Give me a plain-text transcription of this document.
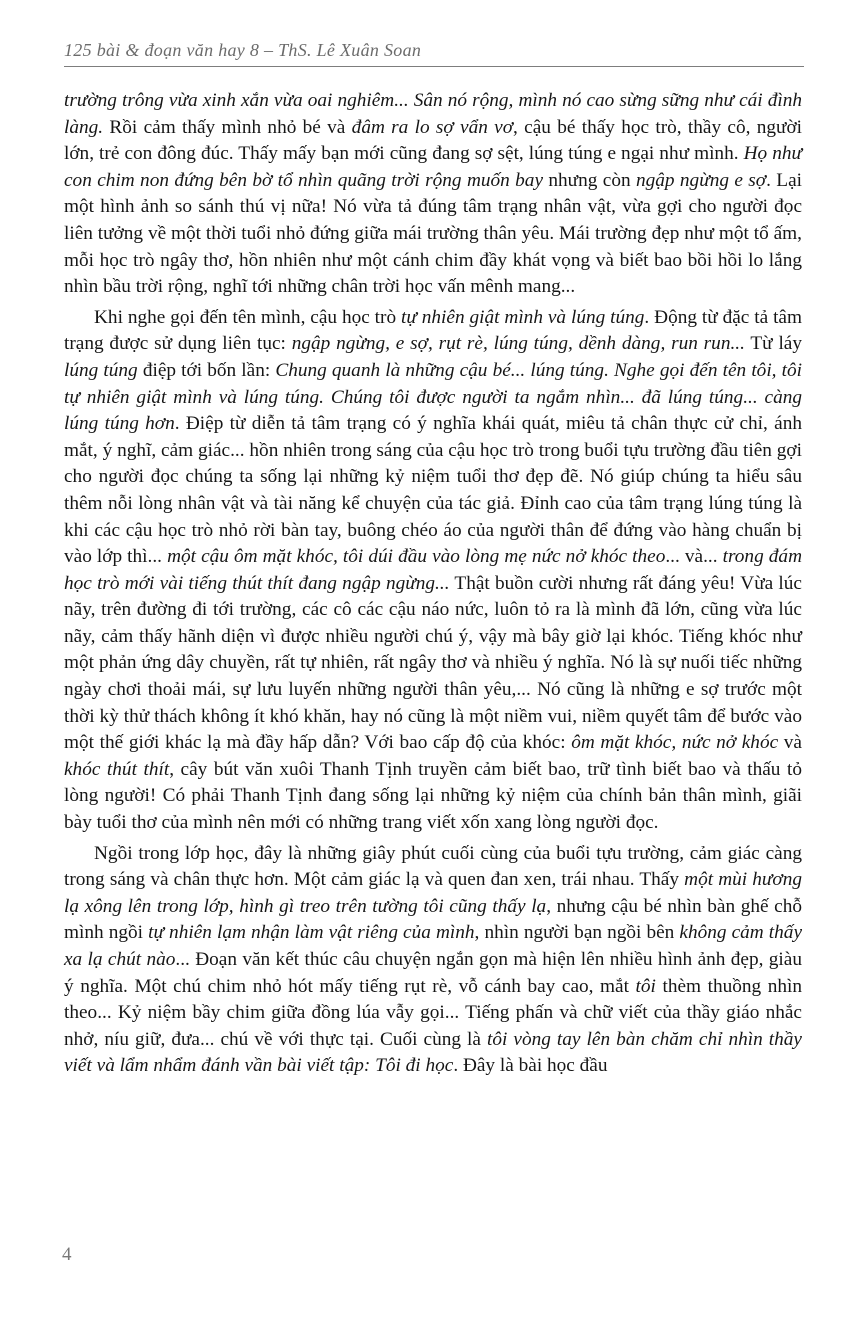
125 bài & đoạn văn hay 8 – ThS. Lê Xuân Soan

trường trông vừa xinh xắn vừa oai nghiêm... Sân nó rộng, mình nó cao sừng sững như cái đình làng. Rồi cảm thấy mình nhỏ bé và đâm ra lo sợ vẩn vơ, cậu bé thấy học trò, thầy cô, người lớn, trẻ con đông đúc. Thấy mấy bạn mới cũng đang sợ sệt, lúng túng e ngại như mình. Họ như con chim non đứng bên bờ tổ nhìn quãng trời rộng muốn bay nhưng còn ngập ngừng e sợ. Lại một hình ảnh so sánh thú vị nữa! Nó vừa tả đúng tâm trạng nhân vật, vừa gợi cho người đọc liên tưởng về một thời tuổi nhỏ đứng giữa mái trường thân yêu. Mái trường đẹp như một tổ ấm, mỗi học trò ngây thơ, hồn nhiên như một cánh chim đầy khát vọng và biết bao bồi hồi lo lắng nhìn bầu trời rộng, nghĩ tới những chân trời học vấn mênh mang...

Khi nghe gọi đến tên mình, cậu học trò tự nhiên giật mình và lúng túng. Động từ đặc tả tâm trạng được sử dụng liên tục: ngập ngừng, e sợ, rụt rè, lúng túng, dềnh dàng, run run... Từ láy lúng túng điệp tới bốn lần: Chung quanh là những cậu bé... lúng túng. Nghe gọi đến tên tôi, tôi tự nhiên giật mình và lúng túng. Chúng tôi được người ta ngắm nhìn... đã lúng túng... càng lúng túng hơn. Điệp từ diễn tả tâm trạng có ý nghĩa khái quát, miêu tả chân thực cử chỉ, ánh mắt, ý nghĩ, cảm giác... hồn nhiên trong sáng của cậu học trò trong buổi tựu trường đầu tiên gợi cho người đọc chúng ta sống lại những kỷ niệm tuổi thơ đẹp đẽ. Nó giúp chúng ta hiểu sâu thêm nỗi lòng nhân vật và tài năng kể chuyện của tác giả. Đỉnh cao của tâm trạng lúng túng là khi các cậu học trò nhỏ rời bàn tay, buông chéo áo của người thân để đứng vào hàng chuẩn bị vào lớp thì... một cậu ôm mặt khóc, tôi dúi đầu vào lòng mẹ nức nở khóc theo... và... trong đám học trò mới vài tiếng thút thít đang ngập ngừng... Thật buồn cười nhưng rất đáng yêu! Vừa lúc nãy, trên đường đi tới trường, các cô các cậu náo nức, luôn tỏ ra là mình đã lớn, cũng vừa lúc nãy, cảm thấy hãnh diện vì được nhiều người chú ý, vậy mà bây giờ lại khóc. Tiếng khóc như một phản ứng dây chuyền, rất tự nhiên, rất ngây thơ và nhiều ý nghĩa. Nó là sự nuối tiếc những ngày chơi thoải mái, sự lưu luyến những người thân yêu,... Nó cũng là những e sợ trước một thời kỳ thử thách không ít khó khăn, hay nó cũng là một niềm vui, niềm quyết tâm để bước vào một thế giới khác lạ mà đầy hấp dẫn? Với bao cấp độ của khóc: ôm mặt khóc, nức nở khóc và khóc thút thít, cây bút văn xuôi Thanh Tịnh truyền cảm biết bao, trữ tình biết bao và thấu tỏ lòng người! Có phải Thanh Tịnh đang sống lại những kỷ niệm của chính bản thân mình, giãi bày tuổi thơ của mình nên mới có những trang viết xốn xang lòng người đọc.

Ngồi trong lớp học, đây là những giây phút cuối cùng của buổi tựu trường, cảm giác càng trong sáng và chân thực hơn. Một cảm giác lạ và quen đan xen, trái nhau. Thấy một mùi hương lạ xông lên trong lớp, hình gì treo trên tường tôi cũng thấy lạ, nhưng cậu bé nhìn bàn ghế chỗ mình ngồi tự nhiên lạm nhận làm vật riêng của mình, nhìn người bạn ngồi bên không cảm thấy xa lạ chút nào... Đoạn văn kết thúc câu chuyện ngắn gọn mà hiện lên nhiều hình ảnh đẹp, giàu ý nghĩa. Một chú chim nhỏ hót mấy tiếng rụt rè, vỗ cánh bay cao, mắt tôi thèm thuồng nhìn theo... Kỷ niệm bầy chim giữa đồng lúa vẫy gọi... Tiếng phấn và chữ viết của thầy giáo nhắc nhở, níu giữ, đưa... chú về với thực tại. Cuối cùng là tôi vòng tay lên bàn chăm chỉ nhìn thầy viết và lẩm nhẩm đánh vần bài viết tập: Tôi đi học. Đây là bài học đầu

4
